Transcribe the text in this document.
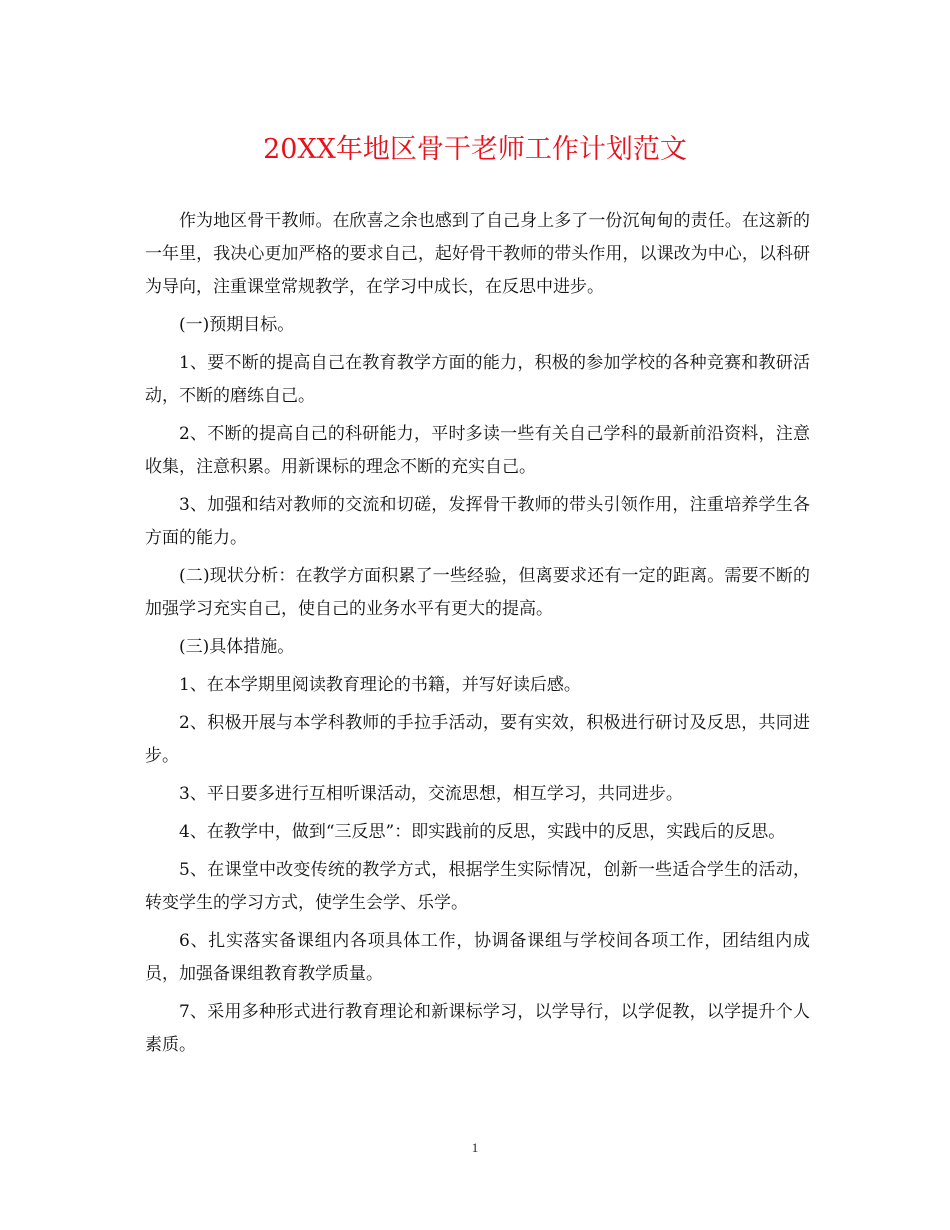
20XX年地区骨干老师工作计划范文

作为地区骨干教师。在欣喜之余也感到了自己身上多了一份沉甸甸的责任。在这新的一年里，我决心更加严格的要求自己，起好骨干教师的带头作用，以课改为中心，以科研为导向，注重课堂常规教学，在学习中成长，在反思中进步。

(一)预期目标。

1、要不断的提高自己在教育教学方面的能力，积极的参加学校的各种竞赛和教研活动，不断的磨练自己。

2、不断的提高自己的科研能力，平时多读一些有关自己学科的最新前沿资料，注意收集，注意积累。用新课标的理念不断的充实自己。

3、加强和结对教师的交流和切磋，发挥骨干教师的带头引领作用，注重培养学生各方面的能力。

(二)现状分析：在教学方面积累了一些经验，但离要求还有一定的距离。需要不断的加强学习充实自己，使自己的业务水平有更大的提高。

(三)具体措施。

1、在本学期里阅读教育理论的书籍，并写好读后感。

2、积极开展与本学科教师的手拉手活动，要有实效，积极进行研讨及反思，共同进步。

3、平日要多进行互相听课活动，交流思想，相互学习，共同进步。

4、在教学中，做到“三反思”：即实践前的反思，实践中的反思，实践后的反思。

5、在课堂中改变传统的教学方式，根据学生实际情况，创新一些适合学生的活动，转变学生的学习方式，使学生会学、乐学。

6、扎实落实备课组内各项具体工作，协调备课组与学校间各项工作，团结组内成员，加强备课组教育教学质量。

7、采用多种形式进行教育理论和新课标学习，以学导行，以学促教，以学提升个人素质。

1
